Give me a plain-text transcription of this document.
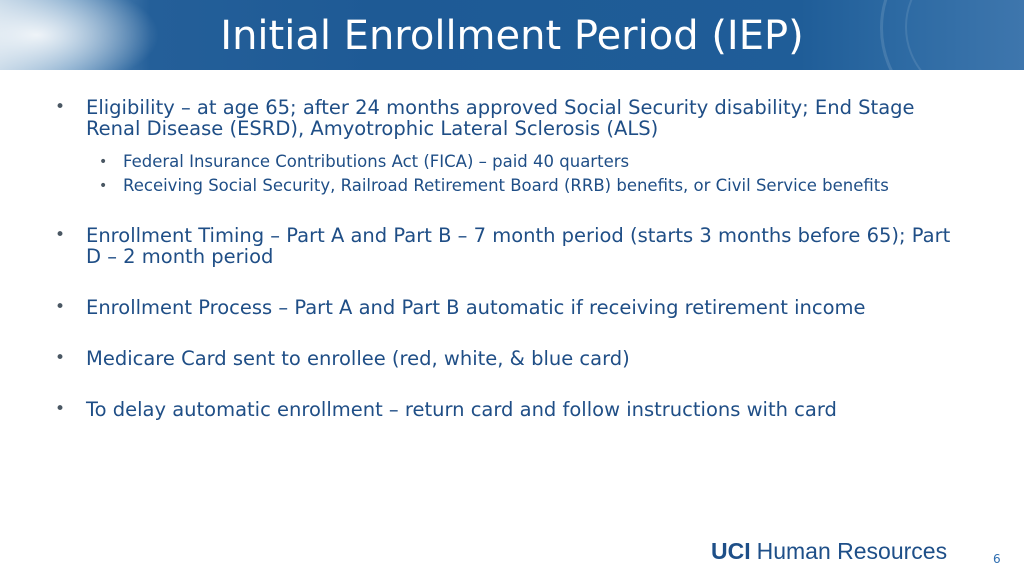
Initial Enrollment Period (IEP)
• Eligibility – at age 65; after 24 months approved Social Security disability; End Stage Renal Disease (ESRD), Amyotrophic Lateral Sclerosis (ALS)
• Federal Insurance Contributions Act (FICA) – paid 40 quarters
• Receiving Social Security, Railroad Retirement Board (RRB) benefits, or Civil Service benefits
• Enrollment Timing – Part A and Part B – 7 month period (starts 3 months before 65); Part D – 2 month period
• Enrollment Process – Part A and Part B automatic if receiving retirement income
• Medicare Card sent to enrollee (red, white, & blue card)
• To delay automatic enrollment – return card and follow instructions with card
UCI Human Resources	6
